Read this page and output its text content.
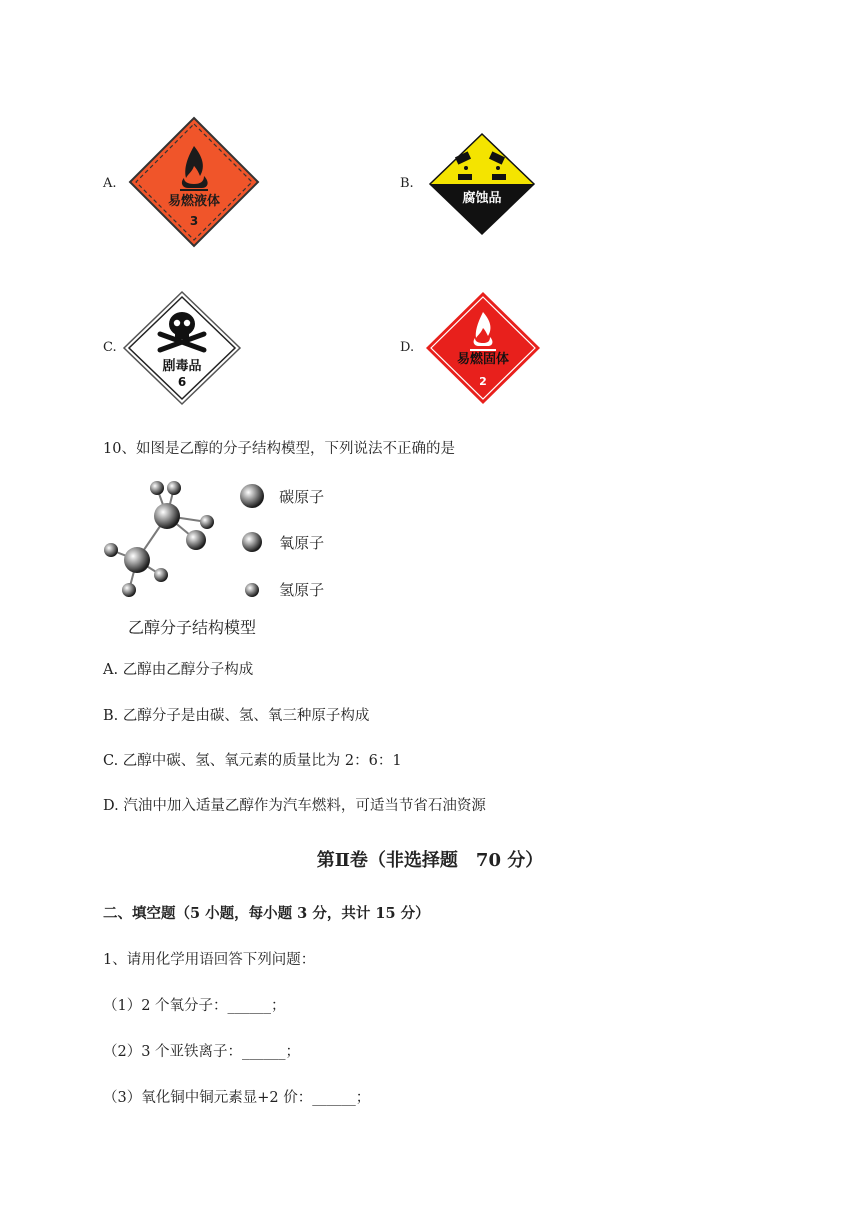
A.
易燃液体
3
B.
腐蚀品
C.
剧毒品
6
D.
易燃固体
2
10、如图是乙醇的分子结构模型，下列说法不正确的是
碳原子
氧原子
氢原子
乙醇分子结构模型
A. 乙醇由乙醇分子构成
B. 乙醇分子是由碳、氢、氧三种原子构成
C. 乙醇中碳、氢、氧元素的质量比为 2：6：1
D. 汽油中加入适量乙醇作为汽车燃料，可适当节省石油资源
第Ⅱ卷（非选择题　70 分）
二、填空题（5 小题，每小题 3 分，共计 15 分）
1、请用化学用语回答下列问题：
（1）2 个氧分子：______；
（2）3 个亚铁离子：______；
（3）氧化铜中铜元素显+2 价：______；
